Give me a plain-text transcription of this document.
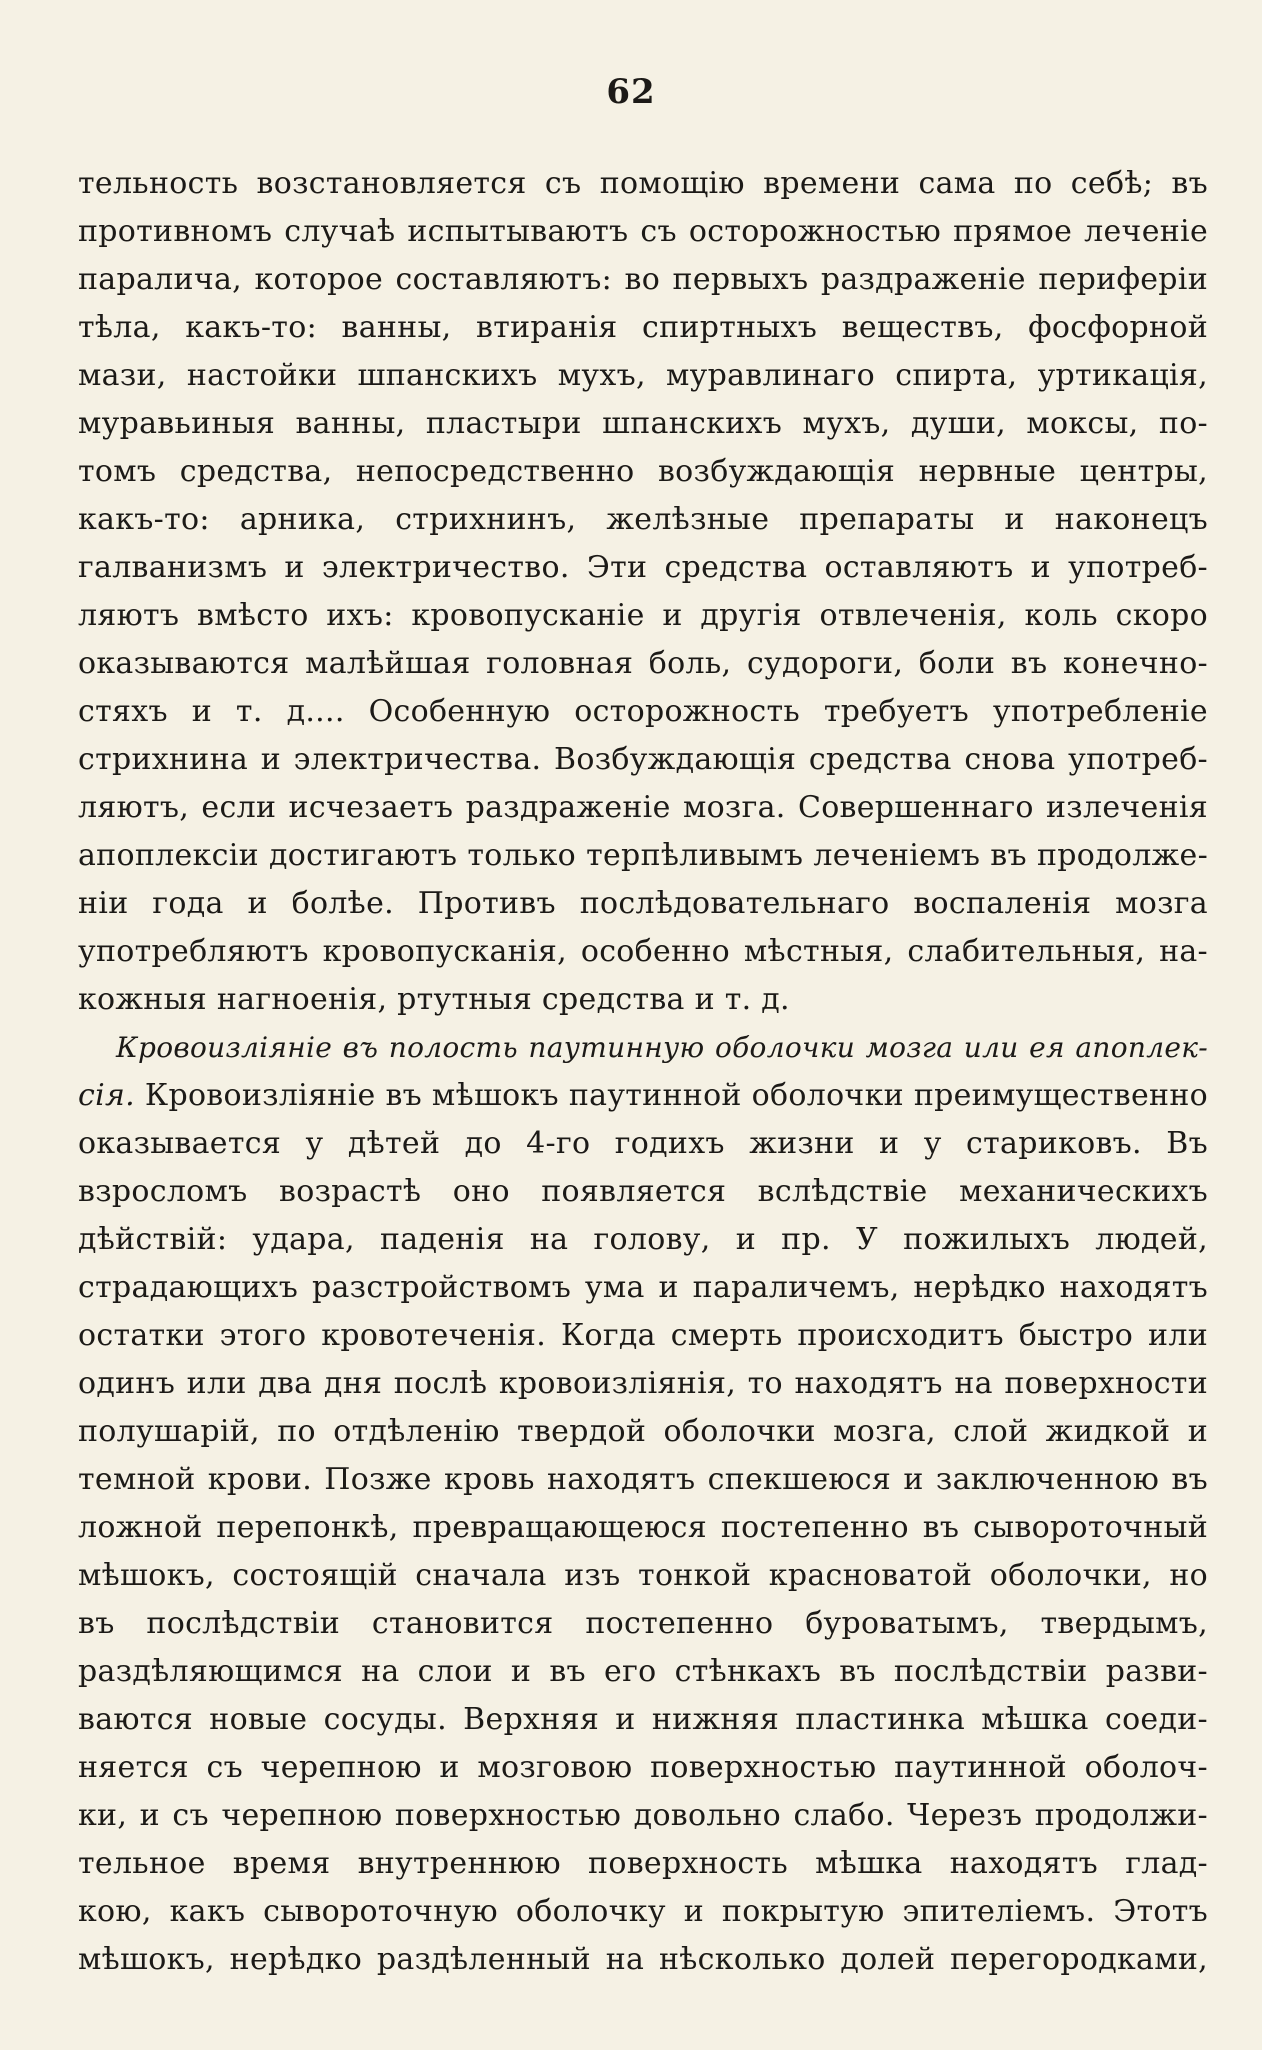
62
тельность возстановляется съ помощію времени сама по себѣ; въ
противномъ случаѣ испытываютъ съ осторожностью прямое леченіе
паралича, которое составляютъ: во первыхъ раздраженіе периферіи
тѣла, какъ-то: ванны, втиранія спиртныхъ веществъ, фосфорной
мази, настойки шпанскихъ мухъ, муравлинаго спирта, уртикація,
муравьиныя ванны, пластыри шпанскихъ мухъ, души, моксы, по-
томъ средства, непосредственно возбуждающія нервные центры,
какъ-то: арника, стрихнинъ, желѣзные препараты и наконецъ
галванизмъ и электричество. Эти средства оставляютъ и употреб-
ляютъ вмѣсто ихъ: кровопусканіе и другія отвлеченія, коль скоро
оказываются малѣйшая головная боль, судороги, боли въ конечно-
стяхъ и т. д.... Особенную осторожность требуетъ употребленіе
стрихнина и электричества. Возбуждающія средства снова употреб-
ляютъ, если исчезаетъ раздраженіе мозга. Совершеннаго излеченія
апоплексіи достигаютъ только терпѣливымъ леченіемъ въ продолже-
ніи года и болѣе. Противъ послѣдовательнаго воспаленія мозга
употребляютъ кровопусканія, особенно мѣстныя, слабительныя, на-
кожныя нагноенія, ртутныя средства и т. д.
Кровоизліяніе въ полость паутинную оболочки мозга или ея апоплек-
сія. Кровоизліяніе въ мѣшокъ паутинной оболочки преимущественно
оказывается у дѣтей до 4-го годихъ жизни и у стариковъ. Въ
взросломъ возрастѣ оно появляется вслѣдствіе механическихъ
дѣйствій: удара, паденія на голову, и пр. У пожилыхъ людей,
страдающихъ разстройствомъ ума и параличемъ, нерѣдко находятъ
остатки этого кровотеченія. Когда смерть происходитъ быстро или
одинъ или два дня послѣ кровоизліянія, то находятъ на поверхности
полушарій, по отдѣленію твердой оболочки мозга, слой жидкой и
темной крови. Позже кровь находятъ спекшеюся и заключенною въ
ложной перепонкѣ, превращающеюся постепенно въ сывороточный
мѣшокъ, состоящій сначала изъ тонкой красноватой оболочки, но
въ послѣдствіи становится постепенно буроватымъ, твердымъ,
раздѣляющимся на слои и въ его стѣнкахъ въ послѣдствіи разви-
ваются новые сосуды. Верхняя и нижняя пластинка мѣшка соеди-
няется съ черепною и мозговою поверхностью паутинной оболоч-
ки, и съ черепною поверхностью довольно слабо. Черезъ продолжи-
тельное время внутреннюю поверхность мѣшка находятъ глад-
кою, какъ сывороточную оболочку и покрытую эпителіемъ. Этотъ
мѣшокъ, нерѣдко раздѣленный на нѣсколько долей перегородками,
